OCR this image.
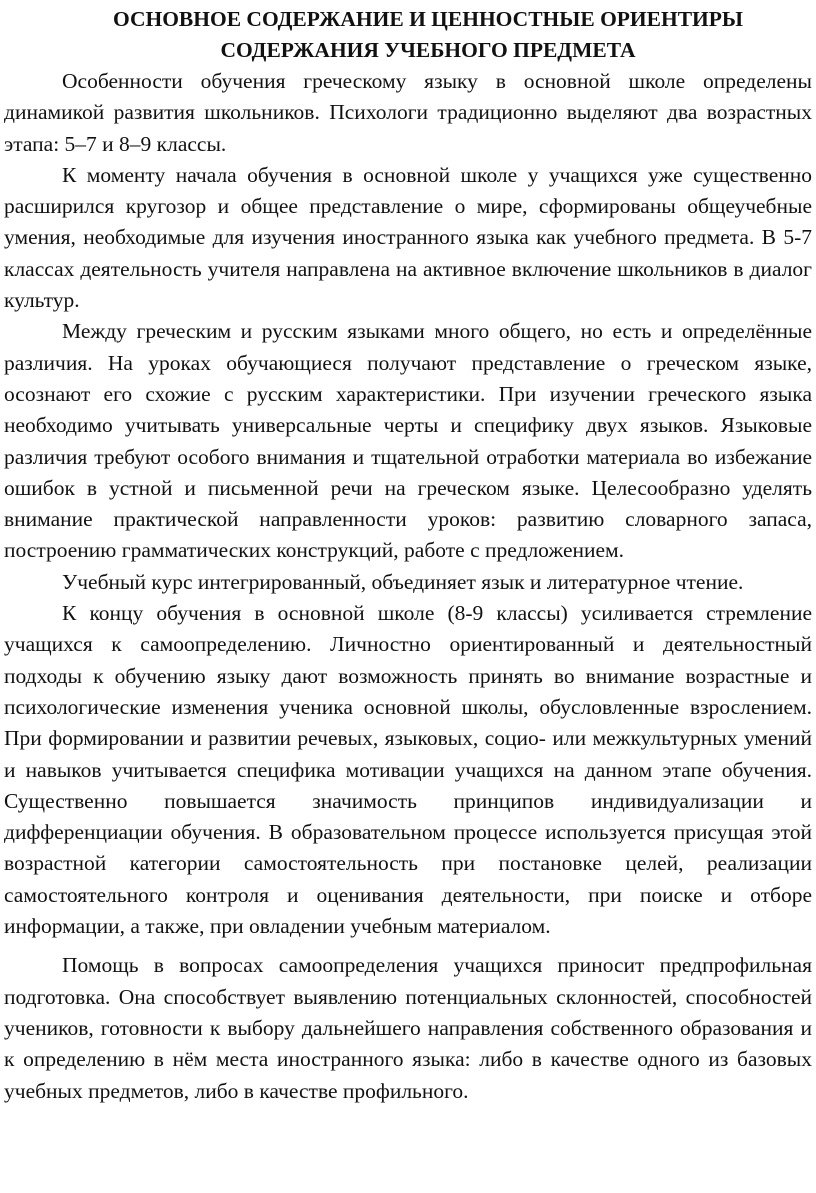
ОСНОВНОЕ СОДЕРЖАНИЕ И ЦЕННОСТНЫЕ ОРИЕНТИРЫ
СОДЕРЖАНИЯ УЧЕБНОГО ПРЕДМЕТА

Особенности обучения греческому языку в основной школе определены динамикой развития школьников. Психологи традиционно выделяют два возрастных этапа: 5–7 и 8–9 классы.

К моменту начала обучения в основной школе у учащихся уже существенно расширился кругозор и общее представление о мире, сформированы общеучебные умения, необходимые для изучения иностранного языка как учебного предмета. В 5-7 классах деятельность учителя направлена на активное включение школьников в диалог культур.

Между греческим и русским языками много общего, но есть и определённые различия. На уроках обучающиеся получают представление о греческом языке, осознают его схожие с русским характеристики. При изучении греческого языка необходимо учитывать универсальные черты и специфику двух языков. Языковые различия требуют особого внимания и тщательной отработки материала во избежание ошибок в устной и письменной речи на греческом языке. Целесообразно уделять внимание практической направленности уроков: развитию словарного запаса, построению грамматических конструкций, работе с предложением.

Учебный курс интегрированный, объединяет язык и литературное чтение.

К концу обучения в основной школе (8-9 классы) усиливается стремление учащихся к самоопределению. Личностно ориентированный и деятельностный подходы к обучению языку дают возможность принять во внимание возрастные и психологические изменения ученика основной школы, обусловленные взрослением. При формировании и развитии речевых, языковых, социо- или межкультурных умений и навыков учитывается специфика мотивации учащихся на данном этапе обучения. Существенно повышается значимость принципов индивидуализации и дифференциации обучения. В образовательном процессе используется присущая этой возрастной категории самостоятельность при постановке целей, реализации самостоятельного контроля и оценивания деятельности, при поиске и отборе информации, а также, при овладении учебным материалом.

Помощь в вопросах самоопределения учащихся приносит предпрофильная подготовка. Она способствует выявлению потенциальных склонностей, способностей учеников, готовности к выбору дальнейшего направления собственного образования и к определению в нём места иностранного языка: либо в качестве одного из базовых учебных предметов, либо в качестве профильного.
